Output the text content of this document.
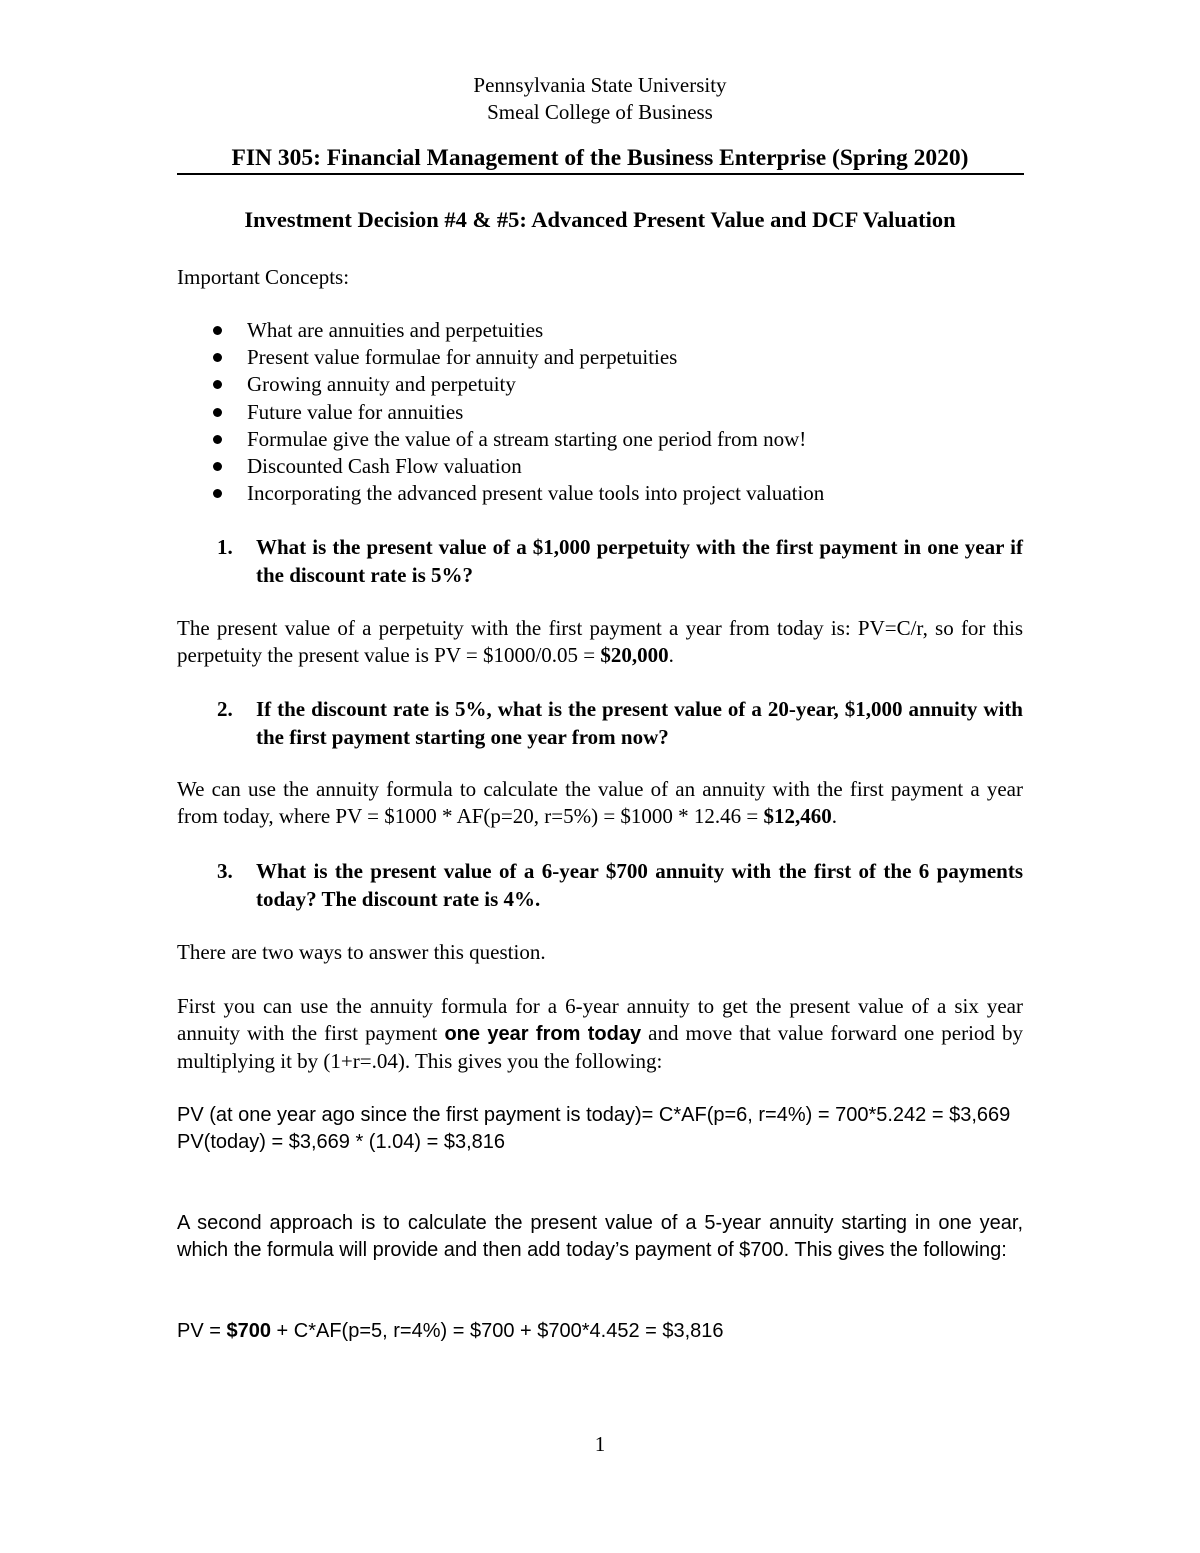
Pennsylvania State University
Smeal College of Business
FIN 305: Financial Management of the Business Enterprise (Spring 2020)
Investment Decision #4 & #5: Advanced Present Value and DCF Valuation
Important Concepts:
What are annuities and perpetuities
Present value formulae for annuity and perpetuities
Growing annuity and perpetuity
Future value for annuities
Formulae give the value of a stream starting one period from now!
Discounted Cash Flow valuation
Incorporating the advanced present value tools into project valuation
1. What is the present value of a $1,000 perpetuity with the first payment in one year if the discount rate is 5%?
The present value of a perpetuity with the first payment a year from today is: PV=C/r, so for this perpetuity the present value is PV = $1000/0.05 = $20,000.
2. If the discount rate is 5%, what is the present value of a 20-year, $1,000 annuity with the first payment starting one year from now?
We can use the annuity formula to calculate the value of an annuity with the first payment a year from today, where PV = $1000 * AF(p=20, r=5%) = $1000 * 12.46 = $12,460.
3. What is the present value of a 6-year $700 annuity with the first of the 6 payments today? The discount rate is 4%.
There are two ways to answer this question.
First you can use the annuity formula for a 6-year annuity to get the present value of a six year annuity with the first payment one year from today and move that value forward one period by multiplying it by (1+r=.04). This gives you the following:
PV (at one year ago since the first payment is today)= C*AF(p=6, r=4%) = 700*5.242 = $3,669
PV(today) = $3,669 * (1.04) = $3,816
A second approach is to calculate the present value of a 5-year annuity starting in one year, which the formula will provide and then add today’s payment of $700. This gives the following:
PV = $700 + C*AF(p=5, r=4%) = $700 + $700*4.452 = $3,816
1
